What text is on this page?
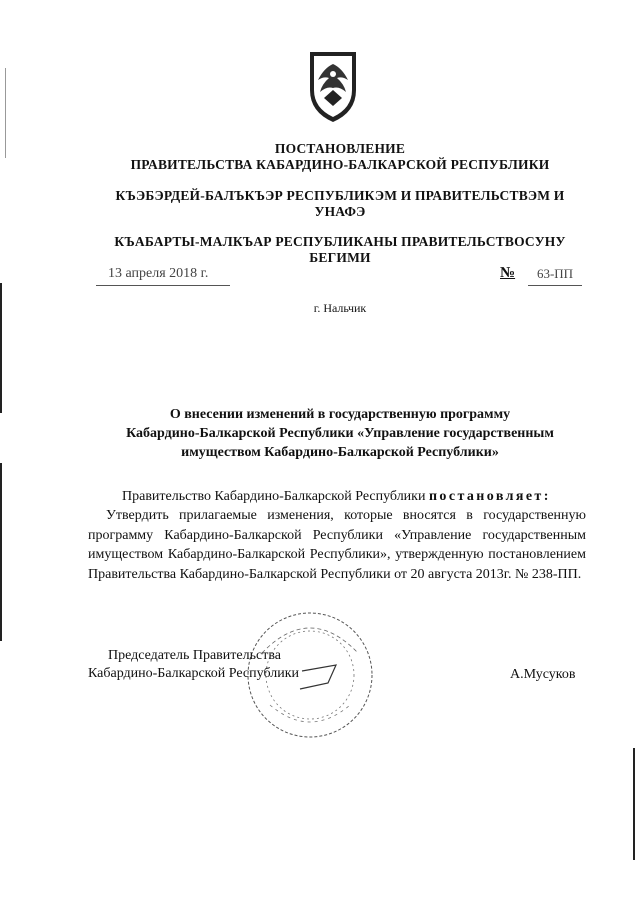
ПОСТАНОВЛЕНИЕ
ПРАВИТЕЛЬСТВА КАБАРДИНО-БАЛКАРСКОЙ РЕСПУБЛИКИ
КЪЭБЭРДЕЙ-БАЛЪКЪЭР РЕСПУБЛИКЭМ И ПРАВИТЕЛЬСТВЭМ И
УНАФЭ
КЪАБАРТЫ-МАЛКЪАР РЕСПУБЛИКАНЫ ПРАВИТЕЛЬСТВОСУНУ
БЕГИМИ
13 апреля 2018 г.	№	63-ПП
г. Нальчик
О внесении изменений в государственную программу
Кабардино-Балкарской Республики «Управление государственным
имуществом Кабардино-Балкарской Республики»
Правительство Кабардино-Балкарской Республики постановляет:
Утвердить прилагаемые изменения, которые вносятся в государственную программу Кабардино-Балкарской Республики «Управление государственным имуществом Кабардино-Балкарской Республики», утвержденную постановлением Правительства Кабардино-Балкарской Республики от 20 августа 2013г. № 238-ПП.
Председатель Правительства
Кабардино-Балкарской Республики	А.Мусуков
